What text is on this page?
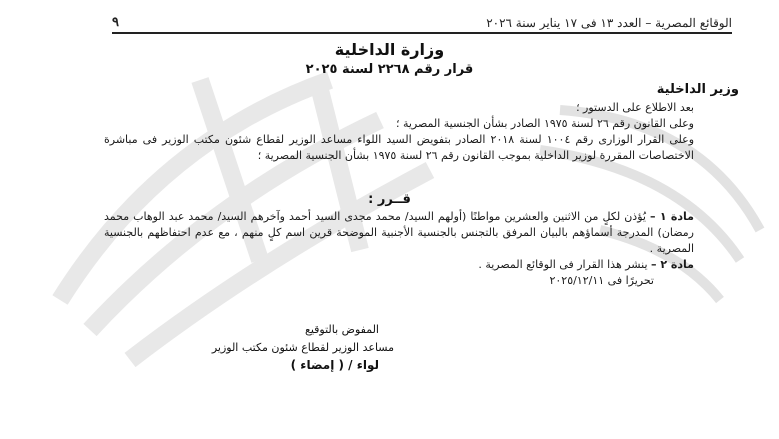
الوقائع المصرية – العدد ١٣ فى ١٧ يناير سنة ٢٠٢٦
٩
وزارة الداخلية
قرار رقم ٢٢٦٨ لسنة ٢٠٢٥
وزير الداخلية

بعد الاطلاع على الدستور ؛

وعلى القانون رقم ٢٦ لسنة ١٩٧٥ الصادر بشأن الجنسية المصرية ؛

وعلى القرار الوزارى رقم ١٠٠٤ لسنة ٢٠١٨ الصادر بتفويض السيد اللواء مساعد الوزير لقطاع شئون مكتب الوزير فى مباشرة الاختصاصات المقررة لوزير الداخلية بموجب القانون رقم ٢٦ لسنة ١٩٧٥ بشأن الجنسية المصرية ؛

قــرر :

مادة ١ – يُؤذن لكلٍ من الاثنين والعشرين مواطنًا (أولهم السيد/ محمد مجدى السيد أحمد وآخرهم السيد/ محمد عبد الوهاب محمد رمضان) المدرجة أسماؤهم بالبيان المرفق بالتجنس بالجنسية الأجنبية الموضحة قرين اسم كلٍ منهم ، مع عدم احتفاظهم بالجنسية المصرية .

مادة ٢ – ينشر هذا القرار فى الوقائع المصرية .

تحريرًا فى ٢٠٢٥/١٢/١١

المفوض بالتوقيع
مساعد الوزير لقطاع شئون مكتب الوزير
لواء / ( إمضاء )
